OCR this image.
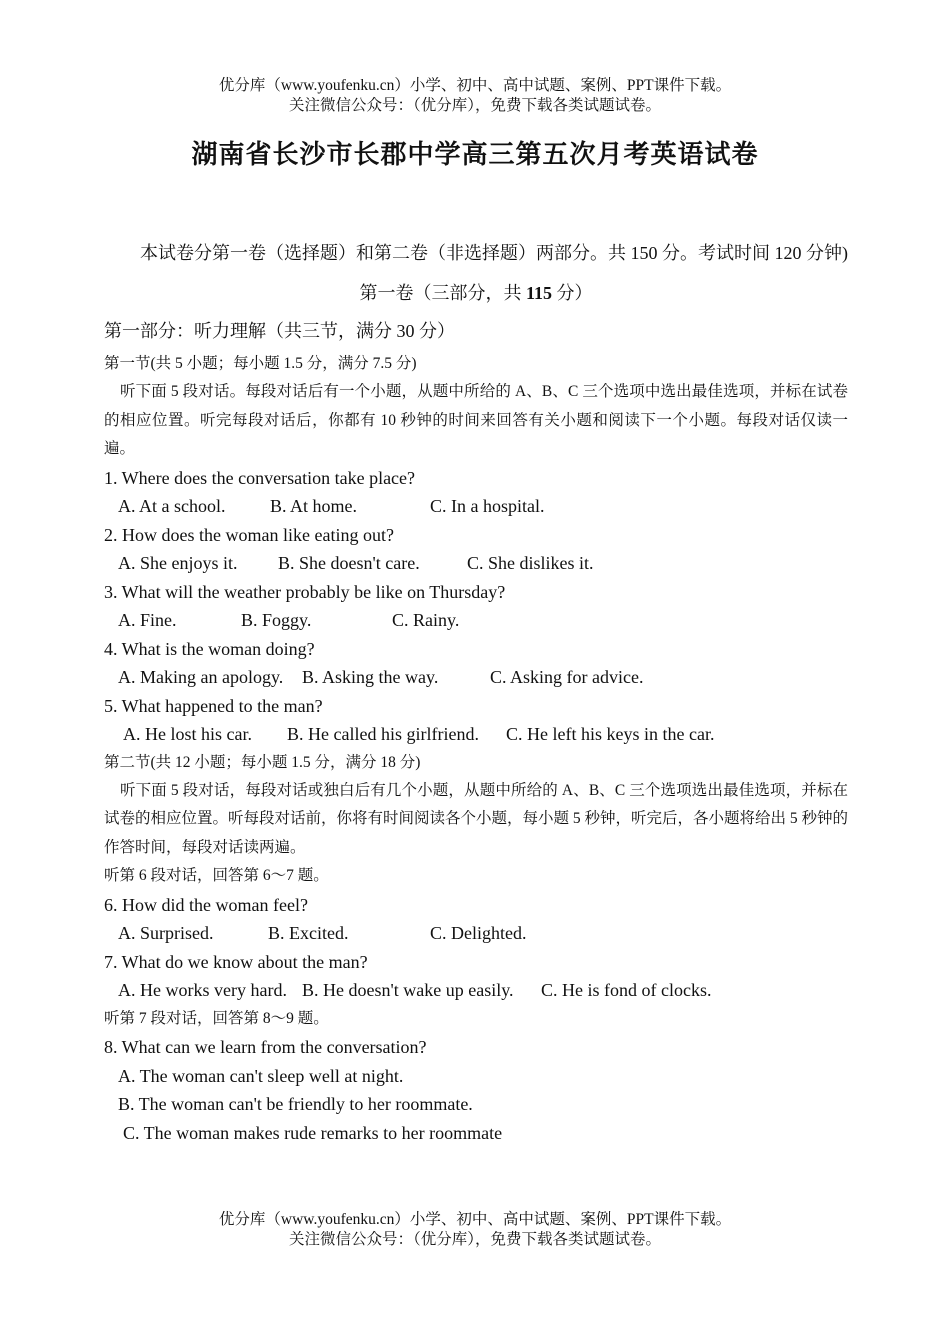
优分库（www.youfenku.cn）小学、初中、高中试题、案例、PPT课件下载。
关注微信公众号：（优分库），免费下载各类试题试卷。
湖南省长沙市长郡中学高三第五次月考英语试卷

本试卷分第一卷（选择题）和第二卷（非选择题）两部分。共 150 分。考试时间 120 分钟)

第一卷（三部分，共 115 分）

第一部分：听力理解（共三节，满分 30 分）

第一节(共 5 小题；每小题 1.5 分，满分 7.5 分)

听下面 5 段对话。每段对话后有一个小题，从题中所给的 A、B、C 三个选项中选出最佳选项，并标在试卷的相应位置。听完每段对话后，你都有 10 秒钟的时间来回答有关小题和阅读下一个小题。每段对话仅读一遍。

1. Where does the conversation take place?

A. At a school. B. At home.	C. In a hospital.

2. How does the woman like eating out?

A. She enjoys it. B. She doesn't care.	C. She dislikes it.

3. What will the weather probably be like on Thursday?

A. Fine.	B. Foggy.	C. Rainy.

4. What is the woman doing?

A. Making an apology. B. Asking the way.	C. Asking for advice.

5. What happened to the man?

A. He lost his car. B. He called his girlfriend. C. He left his keys in the car.

第二节(共 12 小题；每小题 1.5 分，满分 18 分)

听下面 5 段对话，每段对话或独白后有几个小题，从题中所给的 A、B、C 三个选项选出最佳选项，并标在试卷的相应位置。听每段对话前，你将有时间阅读各个小题，每小题 5 秒钟，听完后，各小题将给出 5 秒钟的作答时间，每段对话读两遍。

听第 6 段对话，回答第 6～7 题。

6. How did the woman feel?

A. Surprised.	B. Excited.	C. Delighted.

7. What do we know about the man?

A. He works very hard. B. He doesn't wake up easily. C. He is fond of clocks.

听第 7 段对话，回答第 8～9 题。

8. What can we learn from the conversation?

A. The woman can't sleep well at night.

B. The woman can't be friendly to her roommate.

C. The woman makes rude remarks to her roommate

优分库（www.youfenku.cn）小学、初中、高中试题、案例、PPT课件下载。
关注微信公众号：（优分库），免费下载各类试题试卷。
